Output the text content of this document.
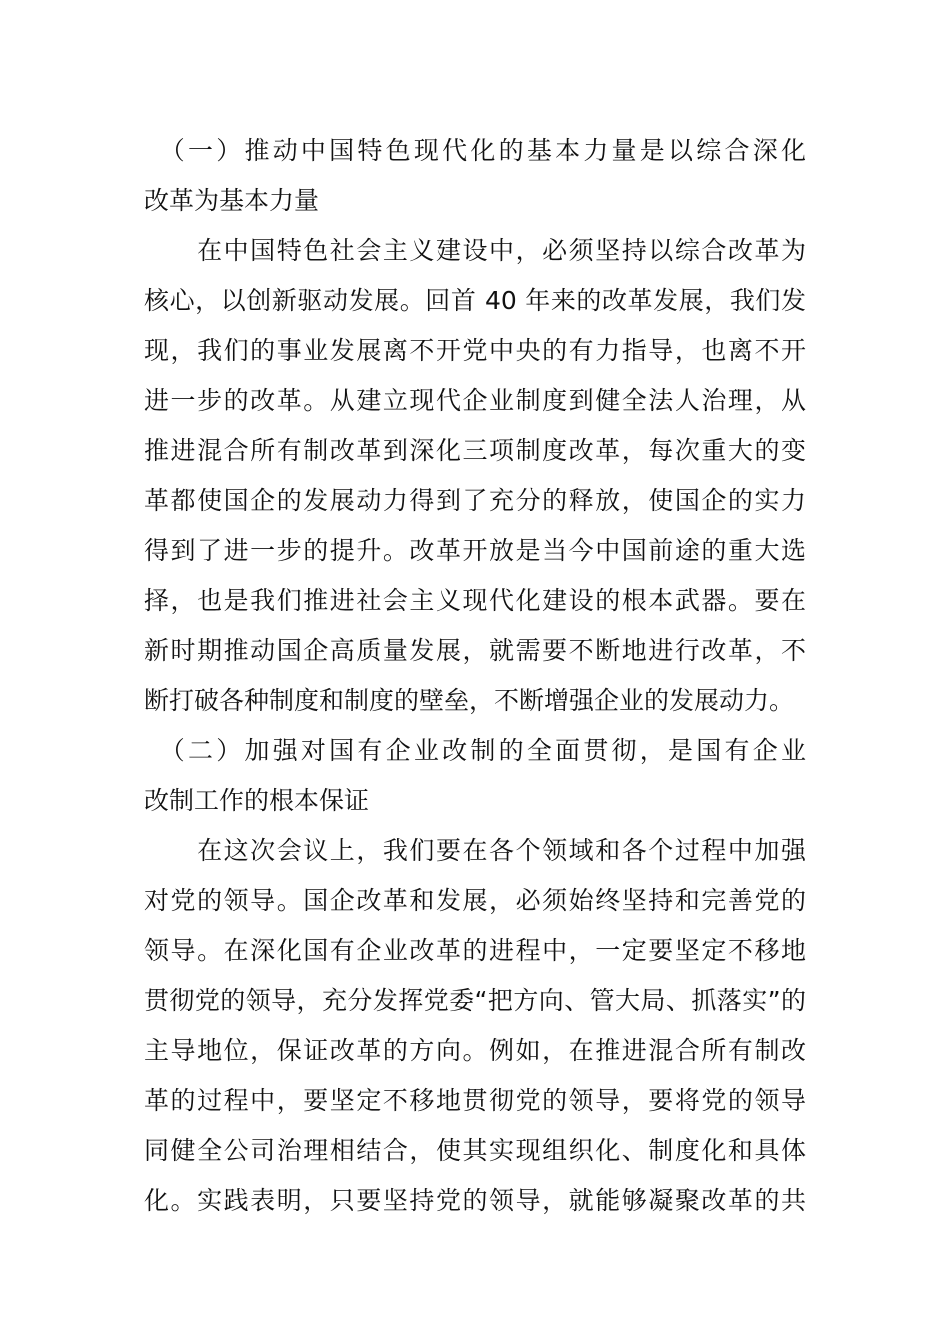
　（一）推动中国特色现代化的基本力量是以综合深化
改革为基本力量
　　在中国特色社会主义建设中，必须坚持以综合改革为
核心，以创新驱动发展。回首 40 年来的改革发展，我们发
现，我们的事业发展离不开党中央的有力指导，也离不开
进一步的改革。从建立现代企业制度到健全法人治理，从
推进混合所有制改革到深化三项制度改革，每次重大的变
革都使国企的发展动力得到了充分的释放，使国企的实力
得到了进一步的提升。改革开放是当今中国前途的重大选
择，也是我们推进社会主义现代化建设的根本武器。要在
新时期推动国企高质量发展，就需要不断地进行改革，不
断打破各种制度和制度的壁垒，不断增强企业的发展动力。
　（二）加强对国有企业改制的全面贯彻，是国有企业
改制工作的根本保证
　　在这次会议上，我们要在各个领域和各个过程中加强
对党的领导。国企改革和发展，必须始终坚持和完善党的
领导。在深化国有企业改革的进程中，一定要坚定不移地
贯彻党的领导，充分发挥党委“把方向、管大局、抓落实”的
主导地位，保证改革的方向。例如，在推进混合所有制改
革的过程中，要坚定不移地贯彻党的领导，要将党的领导
同健全公司治理相结合，使其实现组织化、制度化和具体
化。实践表明，只要坚持党的领导，就能够凝聚改革的共
